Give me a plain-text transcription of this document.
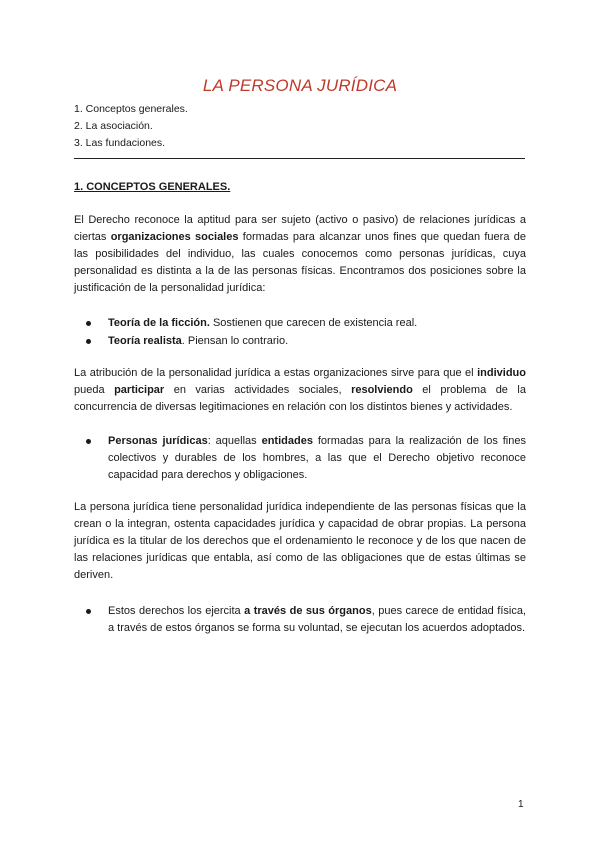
LA PERSONA JURÍDICA
1. Conceptos generales.
2. La asociación.
3. Las fundaciones.
1. CONCEPTOS GENERALES.
El Derecho reconoce la aptitud para ser sujeto (activo o pasivo) de relaciones jurídicas a ciertas organizaciones sociales formadas para alcanzar unos fines que quedan fuera de las posibilidades del individuo, las cuales conocemos como personas jurídicas, cuya personalidad es distinta a la de las personas físicas. Encontramos dos posiciones sobre la justificación de la personalidad jurídica:
Teoría de la ficción. Sostienen que carecen de existencia real.
Teoría realista. Piensan lo contrario.
La atribución de la personalidad jurídica a estas organizaciones sirve para que el individuo pueda participar en varias actividades sociales, resolviendo el problema de la concurrencia de diversas legitimaciones en relación con los distintos bienes y actividades.
Personas jurídicas: aquellas entidades formadas para la realización de los fines colectivos y durables de los hombres, a las que el Derecho objetivo reconoce capacidad para derechos y obligaciones.
La persona jurídica tiene personalidad jurídica independiente de las personas físicas que la crean o la integran, ostenta capacidades jurídica y capacidad de obrar propias. La persona jurídica es la titular de los derechos que el ordenamiento le reconoce y de los que nacen de las relaciones jurídicas que entabla, así como de las obligaciones que de estas últimas se deriven.
Estos derechos los ejercita a través de sus órganos, pues carece de entidad física, a través de estos órganos se forma su voluntad, se ejecutan los acuerdos adoptados.
1
